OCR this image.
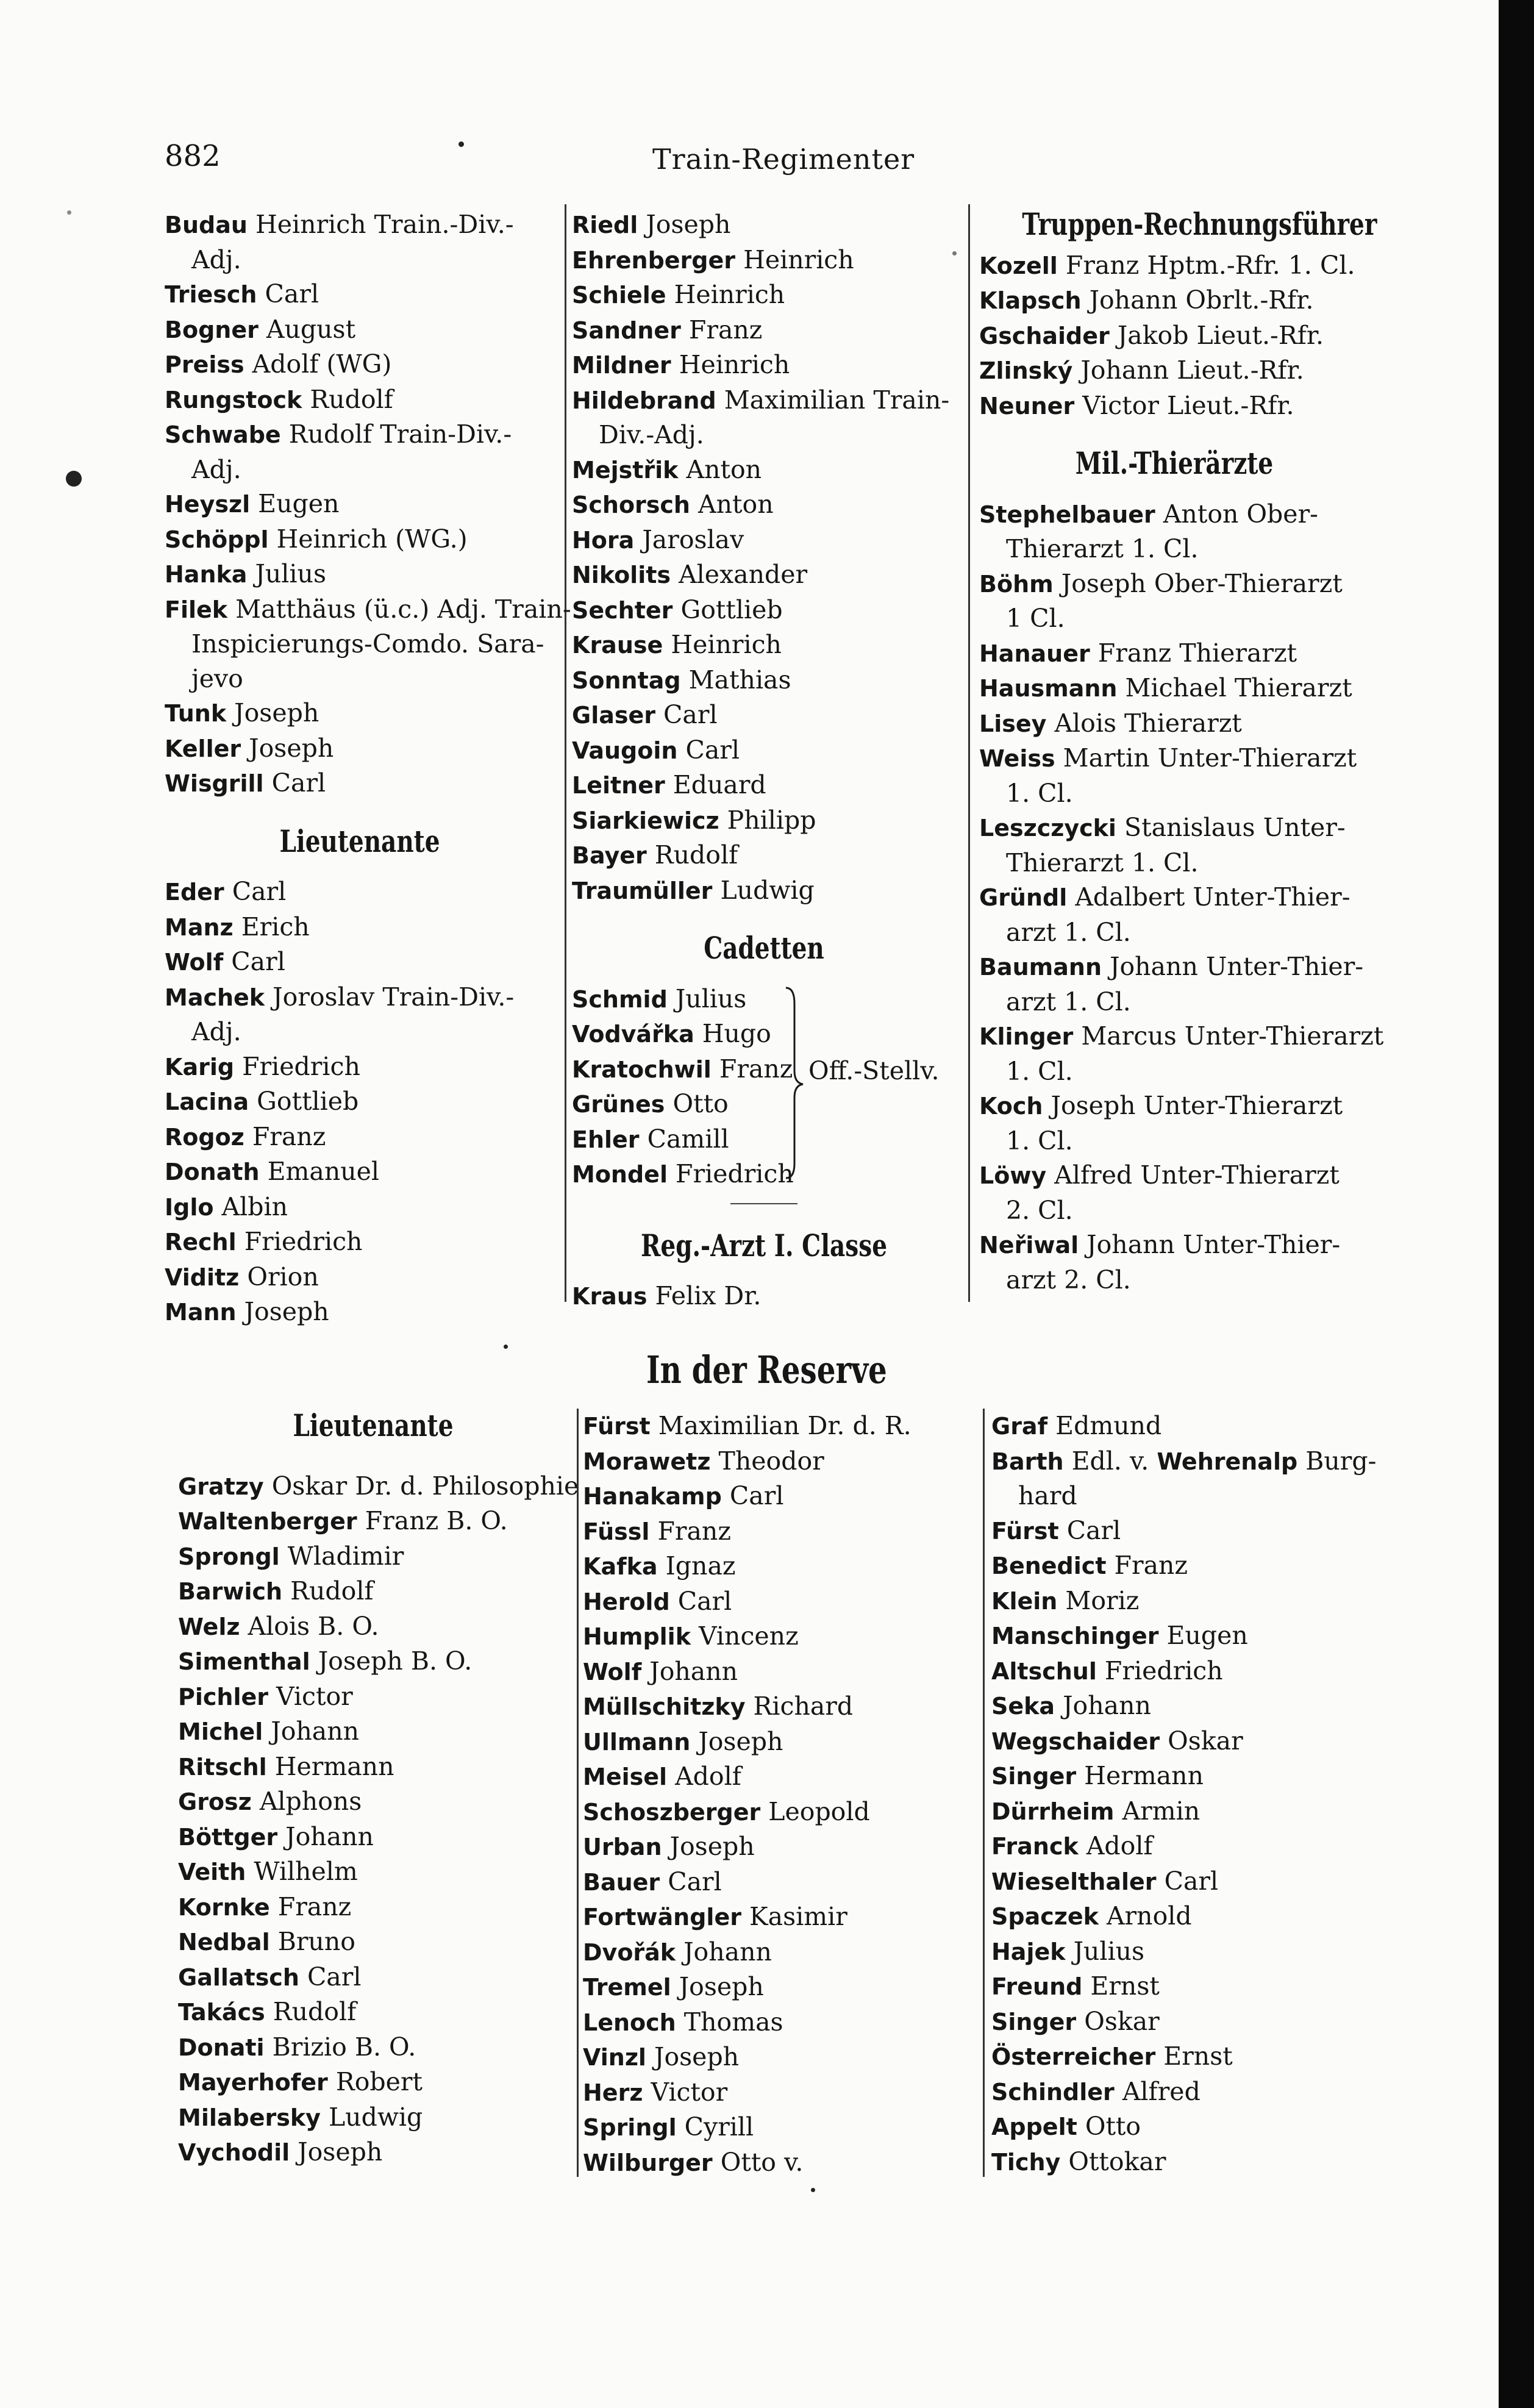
882	Train-Regimenter
Budau Heinrich Train.-Div.-
Adj.
Triesch Carl
Bogner August
Preiss Adolf (WG)
Rungstock Rudolf
Schwabe Rudolf Train-Div.-
Adj.
Heyszl Eugen
Schöppl Heinrich (WG.)
Hanka Julius
Filek Matthäus (ü.c.) Adj. Train-
Inspicierungs-Comdo. Sara-
jevo
Tunk Joseph
Keller Joseph
Wisgrill Carl
Lieutenante
Eder Carl
Manz Erich
Wolf Carl
Machek Joroslav Train-Div.-
Adj.
Karig Friedrich
Lacina Gottlieb
Rogoz Franz
Donath Emanuel
Iglo Albin
Rechl Friedrich
Viditz Orion
Mann Joseph
Riedl Joseph
Ehrenberger Heinrich
Schiele Heinrich
Sandner Franz
Mildner Heinrich
Hildebrand Maximilian Train-
Div.-Adj.
Mejstřik Anton
Schorsch Anton
Hora Jaroslav
Nikolits Alexander
Sechter Gottlieb
Krause Heinrich
Sonntag Mathias
Glaser Carl
Vaugoin Carl
Leitner Eduard
Siarkiewicz Philipp
Bayer Rudolf
Traumüller Ludwig
Cadetten
Schmid Julius
Vodvářka Hugo
Kratochwil Franz
Grünes Otto
Ehler Camill
Mondel Friedrich
Off.-Stellv.
Reg.-Arzt I. Classe
Kraus Felix Dr.
Truppen-Rechnungsführer
Kozell Franz Hptm.-Rfr. 1. Cl.
Klapsch Johann Obrlt.-Rfr.
Gschaider Jakob Lieut.-Rfr.
Zlinský Johann Lieut.-Rfr.
Neuner Victor Lieut.-Rfr.
Mil.-Thierärzte
Stephelbauer Anton Ober-
Thierarzt 1. Cl.
Böhm Joseph Ober-Thierarzt
1 Cl.
Hanauer Franz Thierarzt
Hausmann Michael Thierarzt
Lisey Alois Thierarzt
Weiss Martin Unter-Thierarzt
1. Cl.
Leszczycki Stanislaus Unter-
Thierarzt 1. Cl.
Gründl Adalbert Unter-Thier-
arzt 1. Cl.
Baumann Johann Unter-Thier-
arzt 1. Cl.
Klinger Marcus Unter-Thierarzt
1. Cl.
Koch Joseph Unter-Thierarzt
1. Cl.
Löwy Alfred Unter-Thierarzt
2. Cl.
Neřiwal Johann Unter-Thier-
arzt 2. Cl.
In der Reserve
Lieutenante
Gratzy Oskar Dr. d. Philosophie
Waltenberger Franz B. O.
Sprongl Wladimir
Barwich Rudolf
Welz Alois B. O.
Simenthal Joseph B. O.
Pichler Victor
Michel Johann
Ritschl Hermann
Grosz Alphons
Böttger Johann
Veith Wilhelm
Kornke Franz
Nedbal Bruno
Gallatsch Carl
Takács Rudolf
Donati Brizio B. O.
Mayerhofer Robert
Milabersky Ludwig
Vychodil Joseph
Fürst Maximilian Dr. d. R.
Morawetz Theodor
Hanakamp Carl
Füssl Franz
Kafka Ignaz
Herold Carl
Humplik Vincenz
Wolf Johann
Müllschitzky Richard
Ullmann Joseph
Meisel Adolf
Schoszberger Leopold
Urban Joseph
Bauer Carl
Fortwängler Kasimir
Dvořák Johann
Tremel Joseph
Lenoch Thomas
Vinzl Joseph
Herz Victor
Springl Cyrill
Wilburger Otto v.
Graf Edmund
Barth Edl. v. Wehrenalp Burg-
hard
Fürst Carl
Benedict Franz
Klein Moriz
Manschinger Eugen
Altschul Friedrich
Seka Johann
Wegschaider Oskar
Singer Hermann
Dürrheim Armin
Franck Adolf
Wieselthaler Carl
Spaczek Arnold
Hajek Julius
Freund Ernst
Singer Oskar
Österreicher Ernst
Schindler Alfred
Appelt Otto
Tichy Ottokar
